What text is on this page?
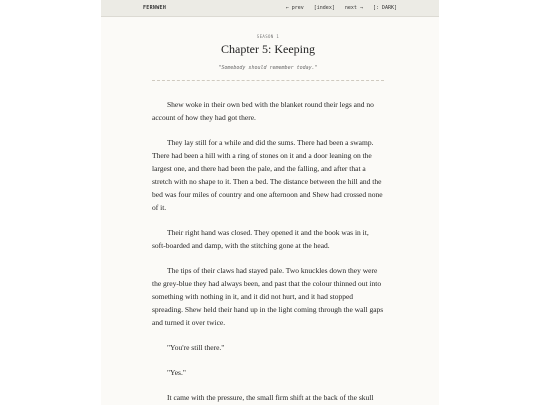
FERNWEH	← prev [index] next → [: DARK]
SEASON 1
Chapter 5: Keeping
"Somebody should remember today."

Shew woke in their own bed with the blanket round their legs and no account of how they had got there.

They lay still for a while and did the sums. There had been a swamp. There had been a hill with a ring of stones on it and a door leaning on the largest one, and there had been the pale, and the falling, and after that a stretch with no shape to it. Then a bed. The distance between the hill and the bed was four miles of country and one afternoon and Shew had crossed none of it.

Their right hand was closed. They opened it and the book was in it, soft-boarded and damp, with the stitching gone at the head.

The tips of their claws had stayed pale. Two knuckles down they were the grey-blue they had always been, and past that the colour thinned out into something with nothing in it, and it did not hurt, and it had stopped spreading. Shew held their hand up in the light coming through the wall gaps and turned it over twice.

"You're still there."

"Yes."

It came with the pressure, the small firm shift at the back of the skull
